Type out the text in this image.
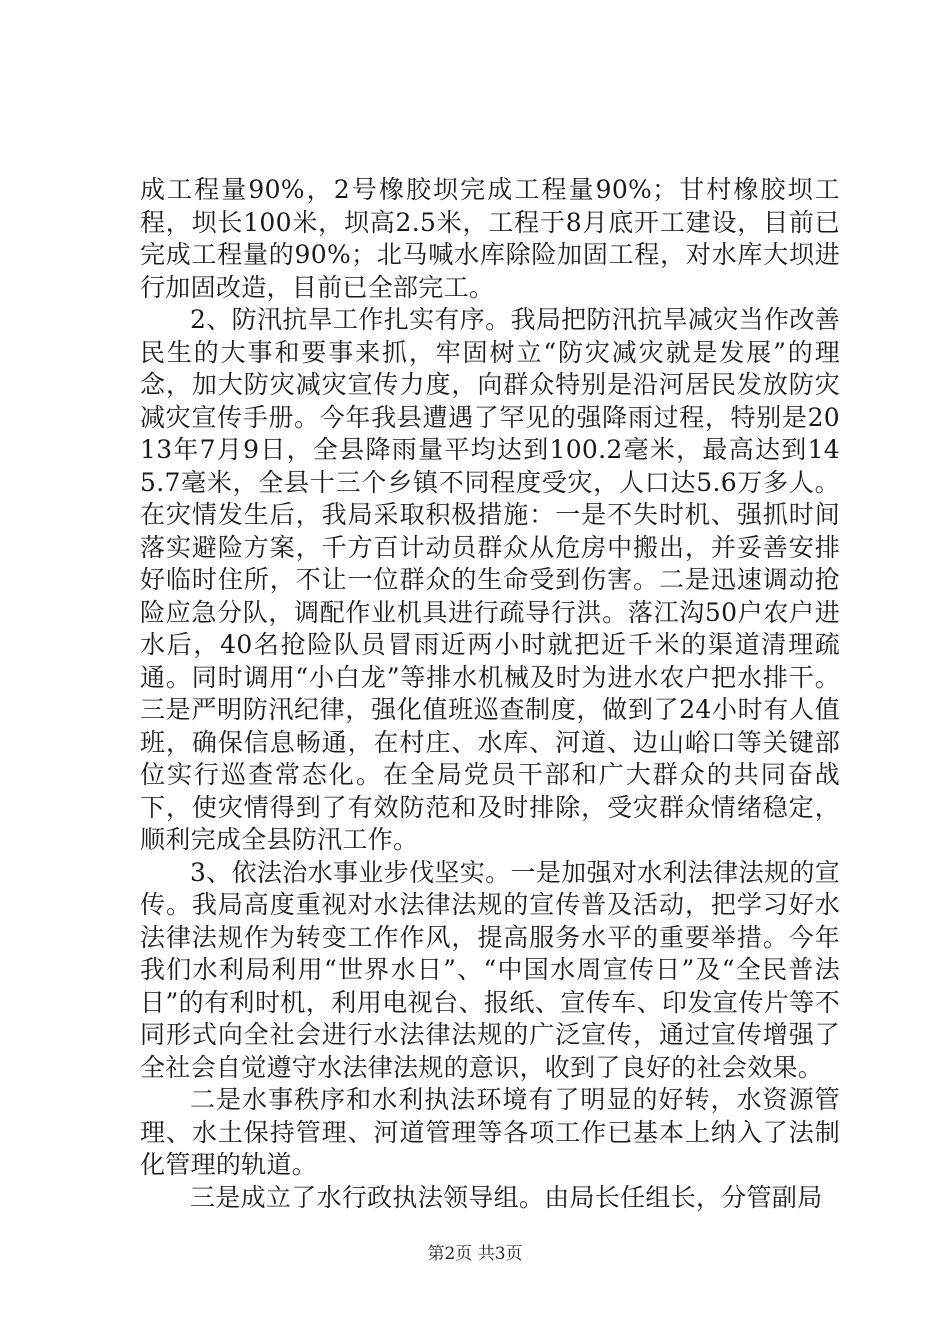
成工程量90%，2号橡胶坝完成工程量90%；甘村橡胶坝工程，坝长100米，坝高2.5米，工程于8月底开工建设，目前已完成工程量的90%；北马喊水库除险加固工程，对水库大坝进行加固改造，目前已全部完工。

2、防汛抗旱工作扎实有序。我局把防汛抗旱减灾当作改善民生的大事和要事来抓，牢固树立“防灾减灾就是发展”的理念，加大防灾减灾宣传力度，向群众特别是沿河居民发放防灾减灾宣传手册。今年我县遭遇了罕见的强降雨过程，特别是2013年7月9日，全县降雨量平均达到100.2毫米，最高达到145.7毫米，全县十三个乡镇不同程度受灾，人口达5.6万多人。在灾情发生后，我局采取积极措施：一是不失时机、强抓时间落实避险方案，千方百计动员群众从危房中搬出，并妥善安排好临时住所，不让一位群众的生命受到伤害。二是迅速调动抢险应急分队，调配作业机具进行疏导行洪。落江沟50户农户进水后，40名抢险队员冒雨近两小时就把近千米的渠道清理疏通。同时调用“小白龙”等排水机械及时为进水农户把水排干。三是严明防汛纪律，强化值班巡查制度，做到了24小时有人值班，确保信息畅通，在村庄、水库、河道、边山峪口等关键部位实行巡查常态化。在全局党员干部和广大群众的共同奋战下，使灾情得到了有效防范和及时排除，受灾群众情绪稳定，顺利完成全县防汛工作。

3、依法治水事业步伐坚实。一是加强对水利法律法规的宣传。我局高度重视对水法律法规的宣传普及活动，把学习好水法律法规作为转变工作作风，提高服务水平的重要举措。今年我们水利局利用“世界水日”、“中国水周宣传日”及“全民普法日”的有利时机，利用电视台、报纸、宣传车、印发宣传片等不同形式向全社会进行水法律法规的广泛宣传，通过宣传增强了全社会自觉遵守水法律法规的意识，收到了良好的社会效果。

二是水事秩序和水利执法环境有了明显的好转，水资源管理、水土保持管理、河道管理等各项工作已基本上纳入了法制化管理的轨道。

三是成立了水行政执法领导组。由局长任组长，分管副局

第2页 共3页
